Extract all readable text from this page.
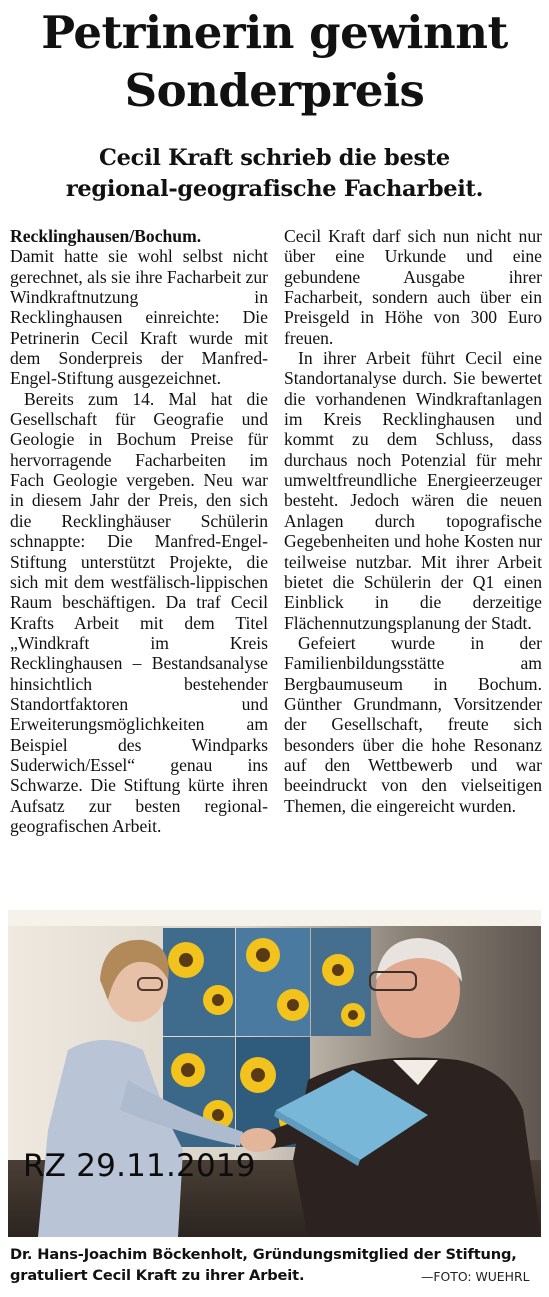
Petrinerin gewinnt
Sonderpreis
Cecil Kraft schrieb die beste
regional-geografische Facharbeit.

Recklinghausen/Bochum.

Damit hatte sie wohl selbst nicht gerechnet, als sie ihre Facharbeit zur Windkraftnutzung in Recklinghausen einreichte: Die Petrinerin Cecil Kraft wurde mit dem Sonderpreis der Manfred-Engel-Stiftung ausgezeichnet.

Bereits zum 14. Mal hat die Gesellschaft für Geografie und Geologie in Bochum Preise für hervorragende Facharbeiten im Fach Geologie vergeben. Neu war in diesem Jahr der Preis, den sich die Recklinghäuser Schülerin schnappte: Die Manfred-Engel-Stiftung unterstützt Projekte, die sich mit dem westfälisch-lippischen Raum beschäftigen. Da traf Cecil Krafts Arbeit mit dem Titel „Windkraft im Kreis Recklinghausen – Bestandsanalyse hinsichtlich bestehender Standortfaktoren und Erweiterungsmöglichkeiten am Beispiel des Windparks Suderwich/Essel“ genau ins Schwarze. Die Stiftung kürte ihren Aufsatz zur besten regional-geografischen Arbeit.

Cecil Kraft darf sich nun nicht nur über eine Urkunde und eine gebundene Ausgabe ihrer Facharbeit, sondern auch über ein Preisgeld in Höhe von 300 Euro freuen.

In ihrer Arbeit führt Cecil eine Standortanalyse durch. Sie bewertet die vorhandenen Windkraftanlagen im Kreis Recklinghausen und kommt zu dem Schluss, dass durchaus noch Potenzial für mehr umweltfreundliche Energieerzeuger besteht. Jedoch wären die neuen Anlagen durch topografische Gegebenheiten und hohe Kosten nur teilweise nutzbar. Mit ihrer Arbeit bietet die Schülerin der Q1 einen Einblick in die derzeitige Flächennutzungsplanung der Stadt.

Gefeiert wurde in der Familienbildungsstätte am Bergbaumuseum in Bochum. Günther Grundmann, Vorsitzender der Gesellschaft, freute sich besonders über die hohe Resonanz auf den Wettbewerb und war beeindruckt von den vielseitigen Themen, die eingereicht wurden.

RZ 29.11.2019
Dr. Hans-Joachim Böckenholt, Gründungsmitglied der Stiftung, gratuliert Cecil Kraft zu ihrer Arbeit.	—FOTO: WUEHRL
